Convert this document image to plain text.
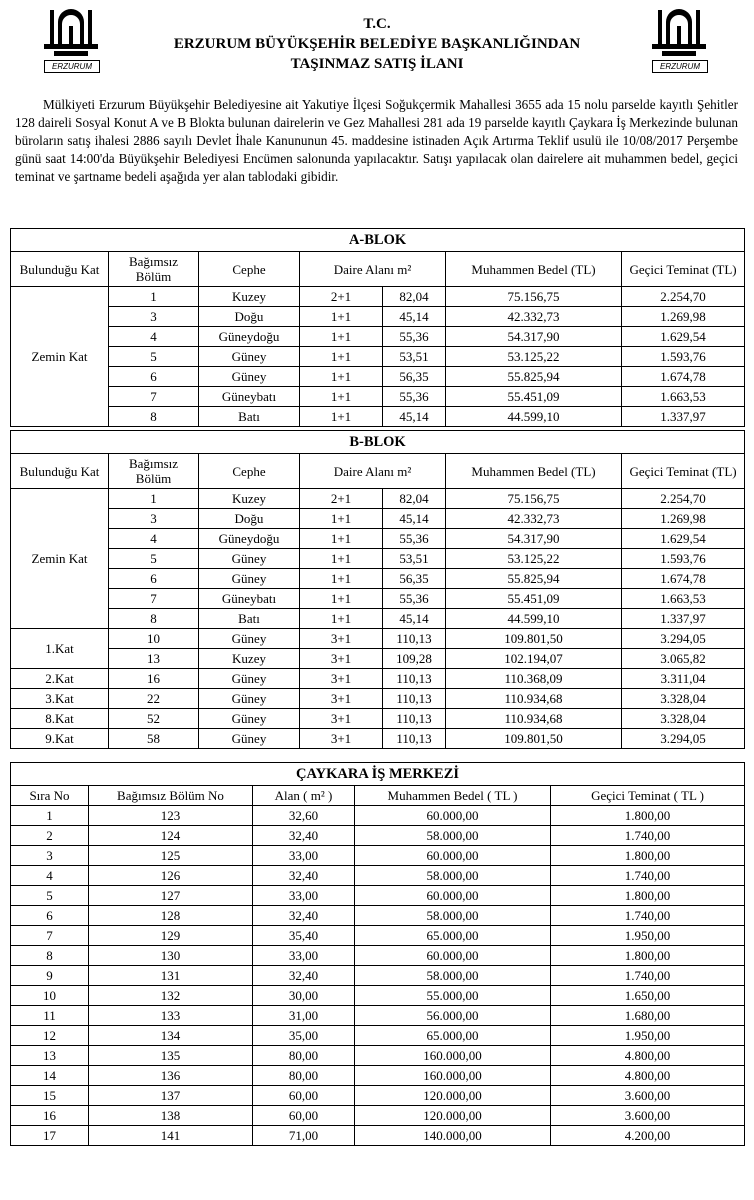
ERZURUM	ERZURUM
T.C.
ERZURUM BÜYÜKŞEHİR BELEDİYE BAŞKANLIĞINDAN
TAŞINMAZ SATIŞ İLANI
Mülkiyeti Erzurum Büyükşehir Belediyesine ait Yakutiye İlçesi Soğukçermik Mahallesi 3655 ada 15 nolu parselde kayıtlı Şehitler 128 daireli Sosyal Konut A ve B Blokta bulunan dairelerin ve Gez Mahallesi 281 ada 19 parselde kayıtlı Çaykara İş Merkezinde bulunan büroların satış ihalesi 2886 sayılı Devlet İhale Kanununun 45. maddesine istinaden Açık Artırma Teklif usulü ile 10/08/2017 Perşembe günü saat 14:00'da Büyükşehir Belediyesi Encümen salonunda yapılacaktır. Satışı yapılacak olan dairelere ait muhammen bedel, geçici teminat ve şartname bedeli aşağıda yer alan tablodaki gibidir.
A-BLOK						
Bulunduğu Kat	Bağımsız Bölüm	Cephe	Daire Alanı m²		Muhammen Bedel (TL)	Geçici Teminat (TL)
Zemin Kat	1	Kuzey	2+1	82,04	75.156,75	2.254,70
	3	Doğu	1+1	45,14	42.332,73	1.269,98
	4	Güneydoğu	1+1	55,36	54.317,90	1.629,54
	5	Güney	1+1	53,51	53.125,22	1.593,76
	6	Güney	1+1	56,35	55.825,94	1.674,78
	7	Güneybatı	1+1	55,36	55.451,09	1.663,53
	8	Batı	1+1	45,14	44.599,10	1.337,97
B-BLOK						
Bulunduğu Kat	Bağımsız Bölüm	Cephe	Daire Alanı m²		Muhammen Bedel (TL)	Geçici Teminat (TL)
Zemin Kat	1	Kuzey	2+1	82,04	75.156,75	2.254,70
	3	Doğu	1+1	45,14	42.332,73	1.269,98
	4	Güneydoğu	1+1	55,36	54.317,90	1.629,54
	5	Güney	1+1	53,51	53.125,22	1.593,76
	6	Güney	1+1	56,35	55.825,94	1.674,78
	7	Güneybatı	1+1	55,36	55.451,09	1.663,53
	8	Batı	1+1	45,14	44.599,10	1.337,97
1.Kat	10	Güney	3+1	110,13	109.801,50	3.294,05
	13	Kuzey	3+1	109,28	102.194,07	3.065,82
2.Kat	16	Güney	3+1	110,13	110.368,09	3.311,04
3.Kat	22	Güney	3+1	110,13	110.934,68	3.328,04
8.Kat	52	Güney	3+1	110,13	110.934,68	3.328,04
9.Kat	58	Güney	3+1	110,13	109.801,50	3.294,05
ÇAYKARA İŞ MERKEZİ				
Sıra No	Bağımsız Bölüm No	Alan ( m² )	Muhammen Bedel ( TL )	Geçici Teminat ( TL )
1	123	32,60	60.000,00	1.800,00
2	124	32,40	58.000,00	1.740,00
3	125	33,00	60.000,00	1.800,00
4	126	32,40	58.000,00	1.740,00
5	127	33,00	60.000,00	1.800,00
6	128	32,40	58.000,00	1.740,00
7	129	35,40	65.000,00	1.950,00
8	130	33,00	60.000,00	1.800,00
9	131	32,40	58.000,00	1.740,00
10	132	30,00	55.000,00	1.650,00
11	133	31,00	56.000,00	1.680,00
12	134	35,00	65.000,00	1.950,00
13	135	80,00	160.000,00	4.800,00
14	136	80,00	160.000,00	4.800,00
15	137	60,00	120.000,00	3.600,00
16	138	60,00	120.000,00	3.600,00
17	141	71,00	140.000,00	4.200,00
